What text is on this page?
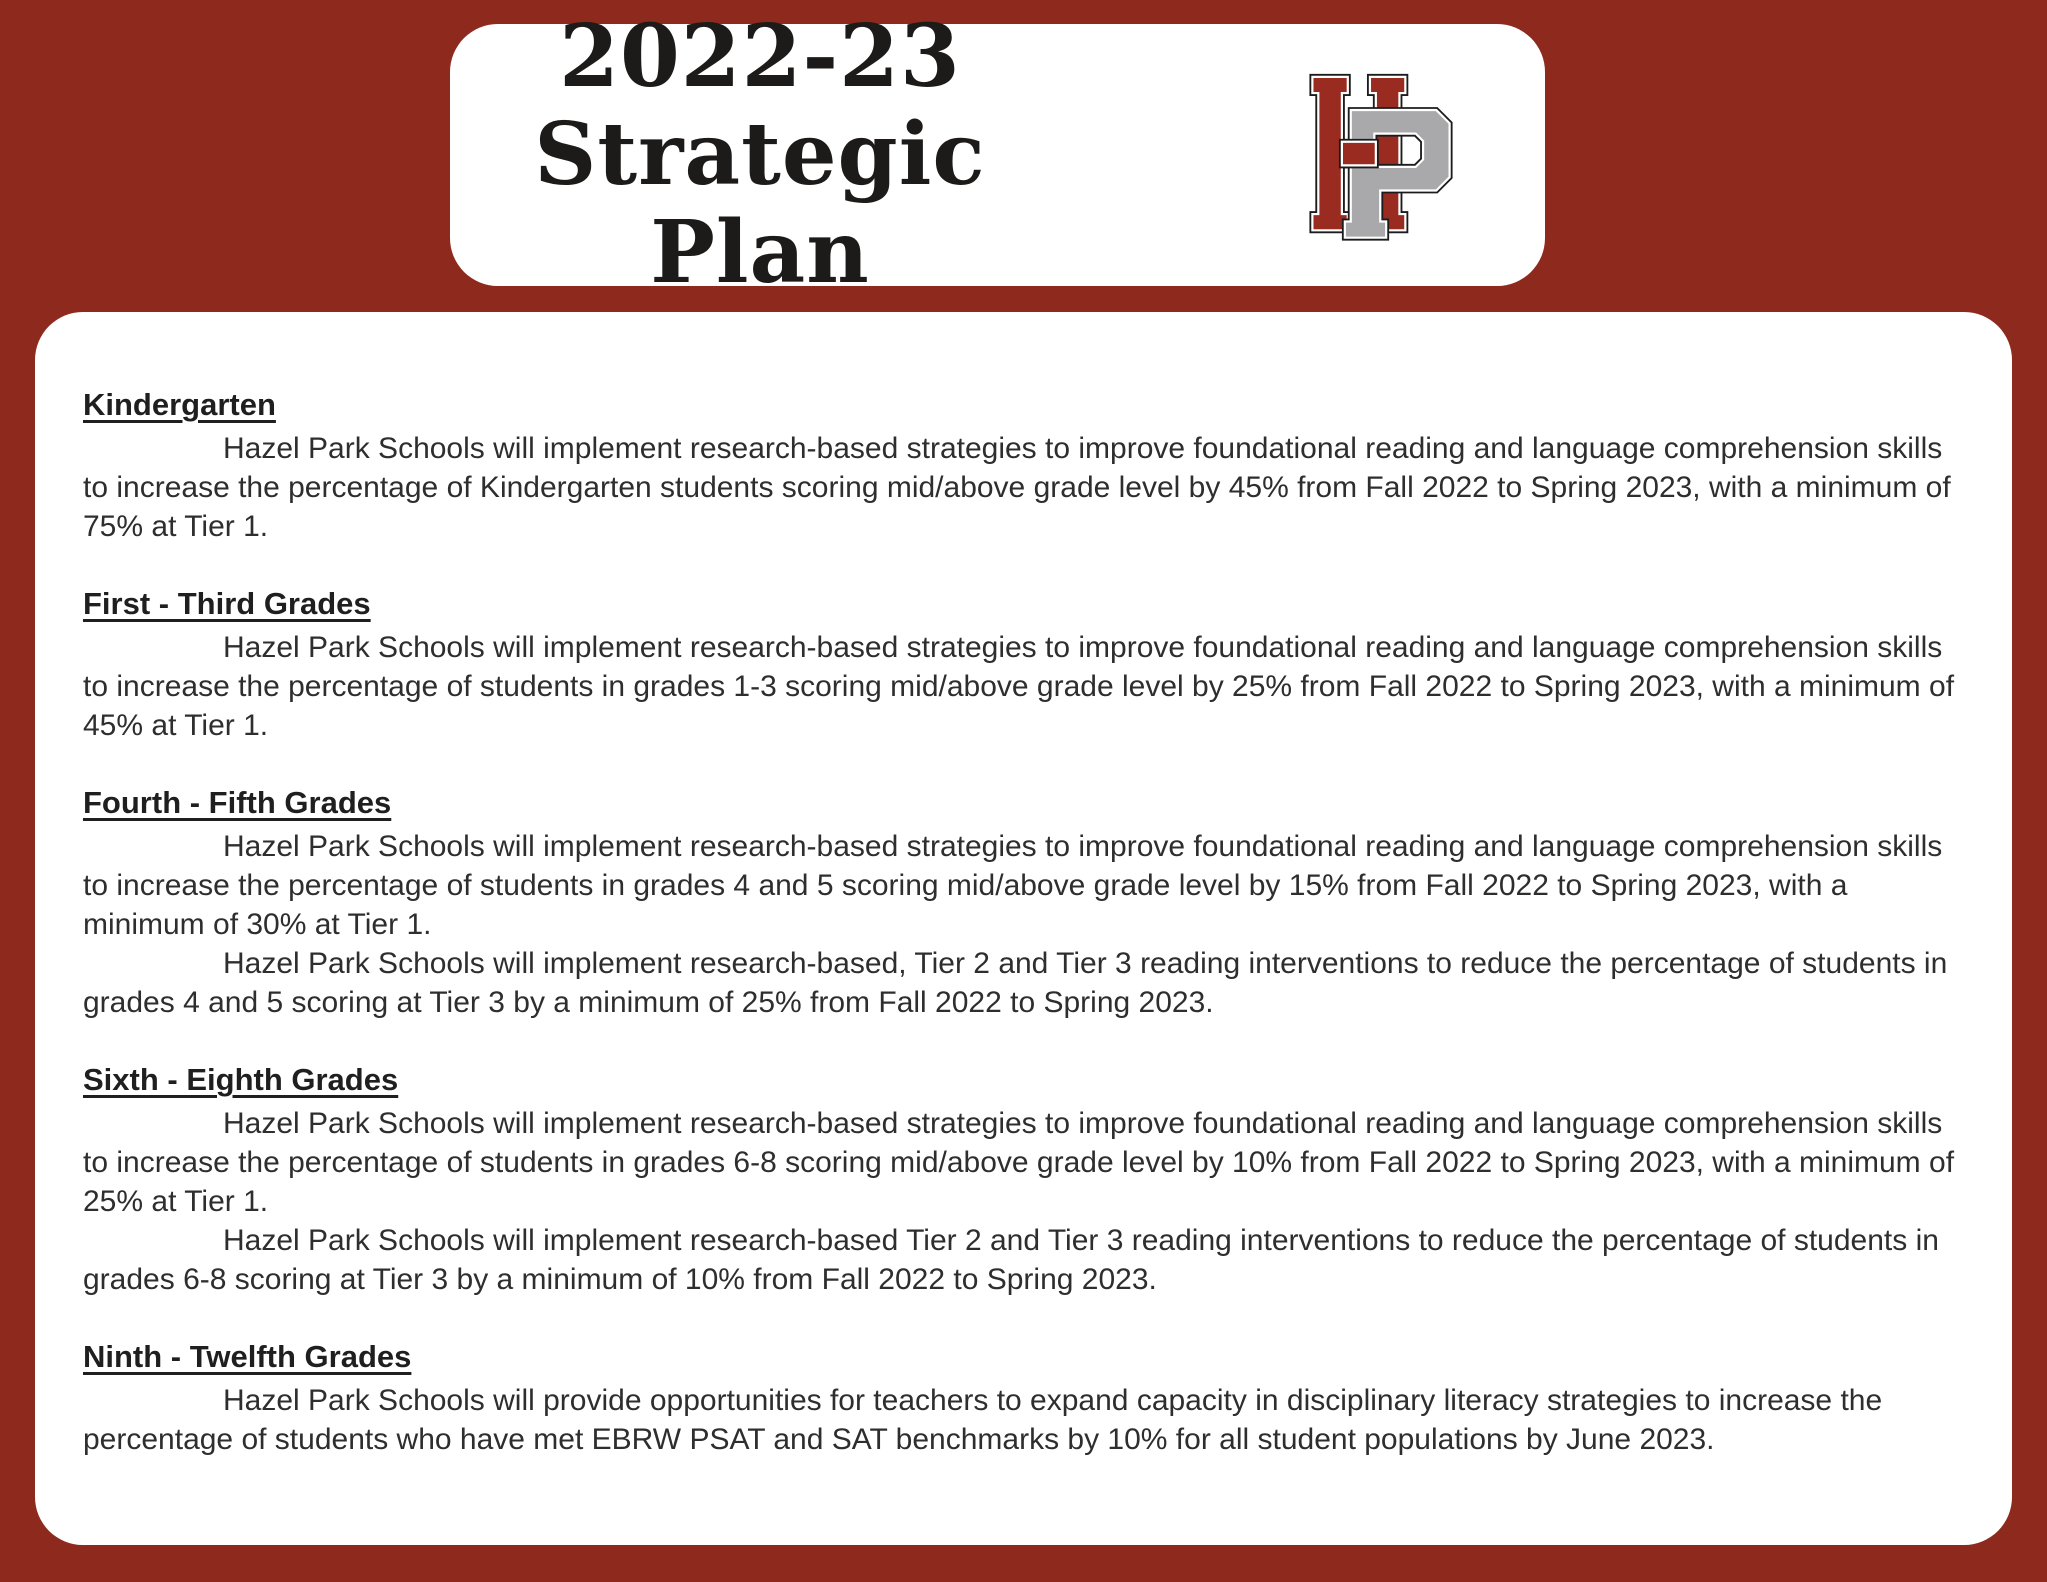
2022-23
Strategic Plan
Kindergarten

Hazel Park Schools will implement research-based strategies to improve foundational reading and language comprehension skills to increase the percentage of Kindergarten students scoring mid/above grade level by 45% from Fall 2022 to Spring 2023, with a minimum of 75% at Tier 1.

First - Third Grades

Hazel Park Schools will implement research-based strategies to improve foundational reading and language comprehension skills to increase the percentage of students in grades 1-3 scoring mid/above grade level by 25% from Fall 2022 to Spring 2023, with a minimum of 45% at Tier 1.

Fourth - Fifth Grades

Hazel Park Schools will implement research-based strategies to improve foundational reading and language comprehension skills to increase the percentage of students in grades 4 and 5 scoring mid/above grade level by 15% from Fall 2022 to Spring 2023, with a minimum of 30% at Tier 1.

Hazel Park Schools will implement research-based, Tier 2 and Tier 3 reading interventions to reduce the percentage of students in grades 4 and 5 scoring at Tier 3 by a minimum of 25% from Fall 2022 to Spring 2023.

Sixth - Eighth Grades

Hazel Park Schools will implement research-based strategies to improve foundational reading and language comprehension skills to increase the percentage of students in grades 6-8 scoring mid/above grade level by 10% from Fall 2022 to Spring 2023, with a minimum of 25% at Tier 1.

Hazel Park Schools will implement research-based Tier 2 and Tier 3 reading interventions to reduce the percentage of students in grades 6-8 scoring at Tier 3 by a minimum of 10% from Fall 2022 to Spring 2023.

Ninth - Twelfth Grades

Hazel Park Schools will provide opportunities for teachers to expand capacity in disciplinary literacy strategies to increase the percentage of students who have met EBRW PSAT and SAT benchmarks by 10% for all student populations by June 2023.
